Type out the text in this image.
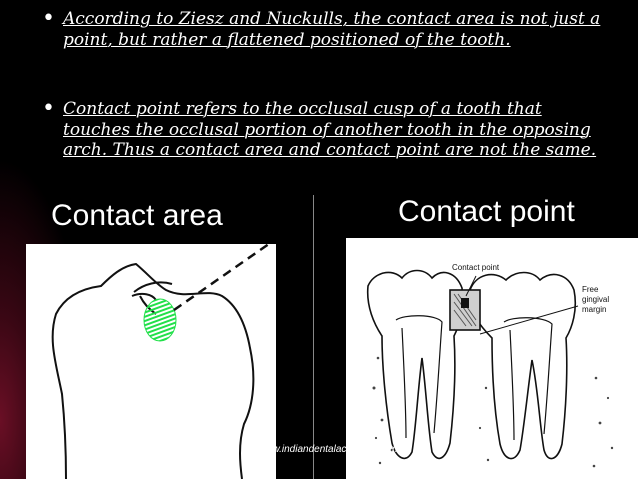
• According to Ziesz and Nuckulls, the contact area is not just a point, but rather a flattened positioned of the tooth.
• Contact point refers to the occlusal cusp of a tooth that touches the occlusal portion of another tooth in the opposing arch. Thus a contact area and contact point are not the same.
Contact area	Contact point
Contact point
Free
gingival
margin
www.indiandentalacademy.com
